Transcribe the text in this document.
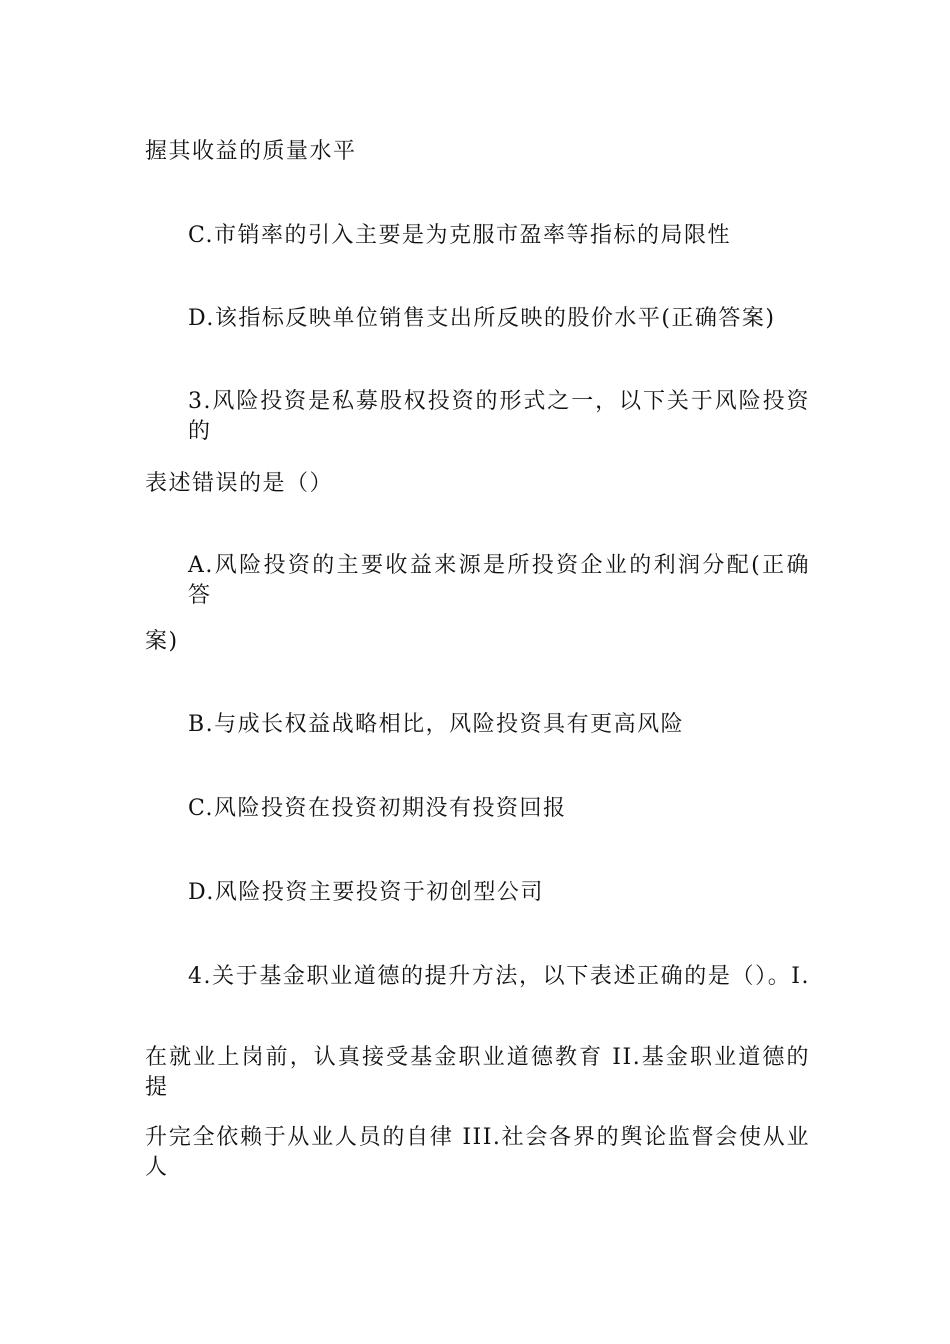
握其收益的质量水平
C.市销率的引入主要是为克服市盈率等指标的局限性
D.该指标反映单位销售支出所反映的股价水平(正确答案)
3.风险投资是私募股权投资的形式之一，以下关于风险投资的
表述错误的是（）
A.风险投资的主要收益来源是所投资企业的利润分配(正确答
案)
B.与成长权益战略相比，风险投资具有更高风险
C.风险投资在投资初期没有投资回报
D.风险投资主要投资于初创型公司
4.关于基金职业道德的提升方法，以下表述正确的是（）。I.
在就业上岗前，认真接受基金职业道德教育 II.基金职业道德的提
升完全依赖于从业人员的自律 III.社会各界的舆论监督会使从业人
